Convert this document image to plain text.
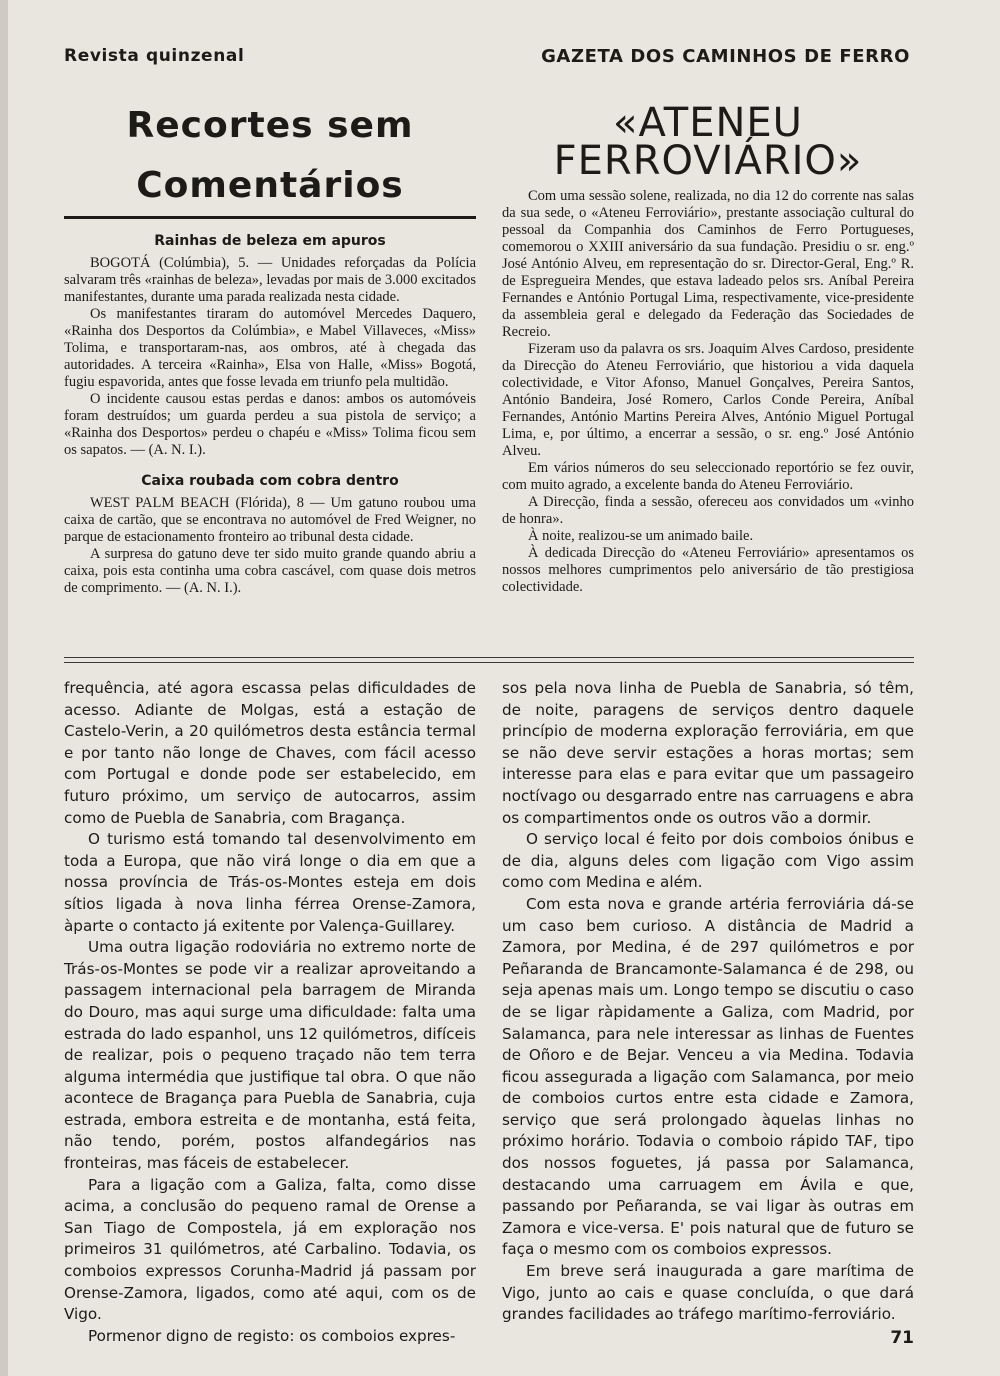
Revista quinzenal	GAZETA DOS CAMINHOS DE FERRO

Recortes sem Comentários
Rainhas de beleza em apuros

BOGOTÁ (Colúmbia), 5. — Unidades reforçadas da Polícia salvaram três «rainhas de beleza», levadas por mais de 3.000 excitados manifestantes, durante uma parada realizada nesta cidade.

Os manifestantes tiraram do automóvel Mercedes Daquero, «Rainha dos Desportos da Colúmbia», e Mabel Villaveces, «Miss» Tolima, e transportaram-nas, aos ombros, até à chegada das autoridades. A terceira «Rainha», Elsa von Halle, «Miss» Bogotá, fugiu espavorida, antes que fosse levada em triunfo pela multidão.

O incidente causou estas perdas e danos: ambos os automóveis foram destruídos; um guarda perdeu a sua pistola de serviço; a «Rainha dos Desportos» perdeu o chapéu e «Miss» Tolima ficou sem os sapatos. — (A. N. I.).

Caixa roubada com cobra dentro

WEST PALM BEACH (Flórida), 8 — Um gatuno roubou uma caixa de cartão, que se encontrava no automóvel de Fred Weigner, no parque de estacionamento fronteiro ao tribunal desta cidade.

A surpresa do gatuno deve ter sido muito grande quando abriu a caixa, pois esta continha uma cobra cascável, com quase dois metros de comprimento. — (A. N. I.).

«ATENEU
FERROVIÁRIO»

Com uma sessão solene, realizada, no dia 12 do corrente nas salas da sua sede, o «Ateneu Ferroviário», prestante associação cultural do pessoal da Companhia dos Caminhos de Ferro Portugueses, comemorou o XXIII aniversário da sua fundação. Presidiu o sr. eng.º José António Alveu, em representação do sr. Director-Geral, Eng.º R. de Espregueira Mendes, que estava ladeado pelos srs. Aníbal Pereira Fernandes e António Portugal Lima, respectivamente, vice-presidente da assembleia geral e delegado da Federação das Sociedades de Recreio.

Fizeram uso da palavra os srs. Joaquim Alves Cardoso, presidente da Direcção do Ateneu Ferroviário, que historiou a vida daquela colectividade, e Vitor Afonso, Manuel Gonçalves, Pereira Santos, António Bandeira, José Romero, Carlos Conde Pereira, Aníbal Fernandes, António Martins Pereira Alves, António Miguel Portugal Lima, e, por último, a encerrar a sessão, o sr. eng.º José António Alveu.

Em vários números do seu seleccionado reportório se fez ouvir, com muito agrado, a excelente banda do Ateneu Ferroviário.

A Direcção, finda a sessão, ofereceu aos convidados um «vinho de honra».

À noite, realizou-se um animado baile.

À dedicada Direcção do «Ateneu Ferroviário» apresentamos os nossos melhores cumprimentos pelo aniversário de tão prestigiosa colectividade.

frequência, até agora escassa pelas dificuldades de acesso. Adiante de Molgas, está a estação de Castelo-Verin, a 20 quilómetros desta estância termal e por tanto não longe de Chaves, com fácil acesso com Portugal e donde pode ser estabelecido, em futuro próximo, um serviço de autocarros, assim como de Puebla de Sanabria, com Bragança.

O turismo está tomando tal desenvolvimento em toda a Europa, que não virá longe o dia em que a nossa província de Trás-os-Montes esteja em dois sítios ligada à nova linha férrea Orense-Zamora, àparte o contacto já exitente por Valença-Guillarey.

Uma outra ligação rodoviária no extremo norte de Trás-os-Montes se pode vir a realizar aproveitando a passagem internacional pela barragem de Miranda do Douro, mas aqui surge uma dificuldade: falta uma estrada do lado espanhol, uns 12 quilómetros, difíceis de realizar, pois o pequeno traçado não tem terra alguma intermédia que justifique tal obra. O que não acontece de Bragança para Puebla de Sanabria, cuja estrada, embora estreita e de montanha, está feita, não tendo, porém, postos alfandegários nas fronteiras, mas fáceis de estabelecer.

Para a ligação com a Galiza, falta, como disse acima, a conclusão do pequeno ramal de Orense a San Tiago de Compostela, já em exploração nos primeiros 31 quilómetros, até Carbalino. Todavia, os comboios expressos Corunha-Madrid já passam por Orense-Zamora, ligados, como até aqui, com os de Vigo.

Pormenor digno de registo: os comboios expres-

sos pela nova linha de Puebla de Sanabria, só têm, de noite, paragens de serviços dentro daquele princípio de moderna exploração ferroviária, em que se não deve servir estações a horas mortas; sem interesse para elas e para evitar que um passageiro noctívago ou desgarrado entre nas carruagens e abra os compartimentos onde os outros vão a dormir.

O serviço local é feito por dois comboios ónibus e de dia, alguns deles com ligação com Vigo assim como com Medina e além.

Com esta nova e grande artéria ferroviária dá-se um caso bem curioso. A distância de Madrid a Zamora, por Medina, é de 297 quilómetros e por Peñaranda de Brancamonte-Salamanca é de 298, ou seja apenas mais um. Longo tempo se discutiu o caso de se ligar ràpidamente a Galiza, com Madrid, por Salamanca, para nele interessar as linhas de Fuentes de Oñoro e de Bejar. Venceu a via Medina. Todavia ficou assegurada a ligação com Salamanca, por meio de comboios curtos entre esta cidade e Zamora, serviço que será prolongado àquelas linhas no próximo horário. Todavia o comboio rápido TAF, tipo dos nossos foguetes, já passa por Salamanca, destacando uma carruagem em Ávila e que, passando por Peñaranda, se vai ligar às outras em Zamora e vice-versa. E' pois natural que de futuro se faça o mesmo com os comboios expressos.

Em breve será inaugurada a gare marítima de Vigo, junto ao cais e quase concluída, o que dará grandes facilidades ao tráfego marítimo-ferroviário.

71
